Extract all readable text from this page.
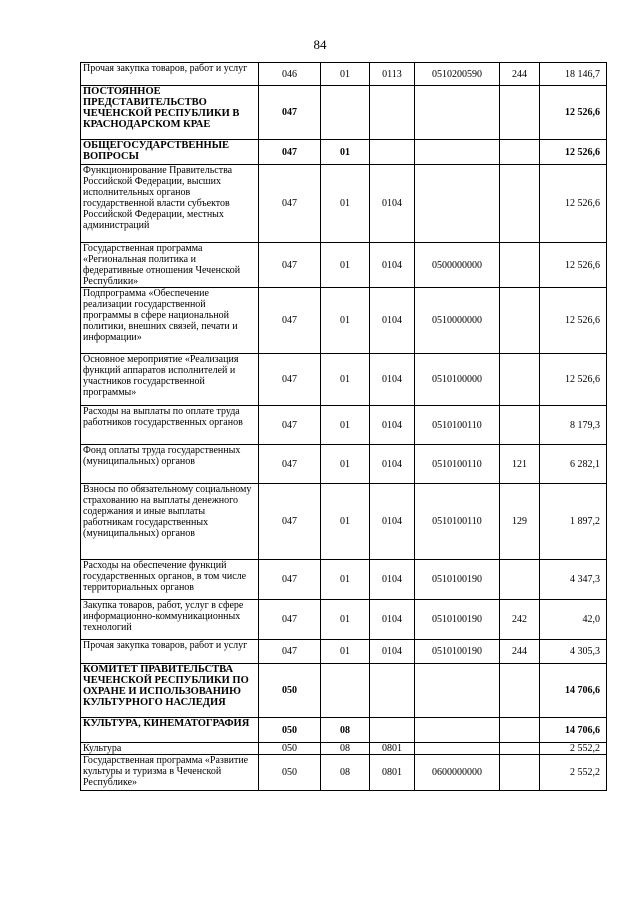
84
Прочая закупка товаров, работ и услуг	046	01	0113	0510200590	244	18 146,7
ПОСТОЯННОЕ ПРЕДСТАВИТЕЛЬСТВО ЧЕЧЕНСКОЙ РЕСПУБЛИКИ В КРАСНОДАРСКОМ КРАЕ	047					12 526,6
ОБЩЕГОСУДАРСТВЕННЫЕ ВОПРОСЫ	047	01				12 526,6
Функционирование Правительства Российской Федерации, высших исполнительных органов государственной власти субъектов Российской Федерации, местных администраций	047	01	0104			12 526,6
Государственная программа «Региональная политика и федеративные отношения Чеченской Республики»	047	01	0104	0500000000		12 526,6
Подпрограмма «Обеспечение реализации государственной программы в сфере национальной политики, внешних связей, печати и информации»	047	01	0104	0510000000		12 526,6
Основное мероприятие «Реализация функций аппаратов исполнителей и участников государственной программы»	047	01	0104	0510100000		12 526,6
Расходы на выплаты по оплате труда работников государственных органов	047	01	0104	0510100110		8 179,3
Фонд оплаты труда государственных (муниципальных) органов	047	01	0104	0510100110	121	6 282,1
Взносы по обязательному социальному страхованию на выплаты денежного содержания и иные выплаты работникам государственных (муниципальных) органов	047	01	0104	0510100110	129	1 897,2
Расходы на обеспечение функций государственных органов, в том числе территориальных органов	047	01	0104	0510100190		4 347,3
Закупка товаров, работ, услуг в сфере информационно-коммуникационных технологий	047	01	0104	0510100190	242	42,0
Прочая закупка товаров, работ и услуг	047	01	0104	0510100190	244	4 305,3
КОМИТЕТ ПРАВИТЕЛЬСТВА ЧЕЧЕНСКОЙ РЕСПУБЛИКИ ПО ОХРАНЕ И ИСПОЛЬЗОВАНИЮ КУЛЬТУРНОГО НАСЛЕДИЯ	050					14 706,6
КУЛЬТУРА, КИНЕМАТОГРАФИЯ	050	08				14 706,6
Культура	050	08	0801			2 552,2
Государственная программа «Развитие культуры и туризма в Чеченской Республике»	050	08	0801	0600000000		2 552,2
